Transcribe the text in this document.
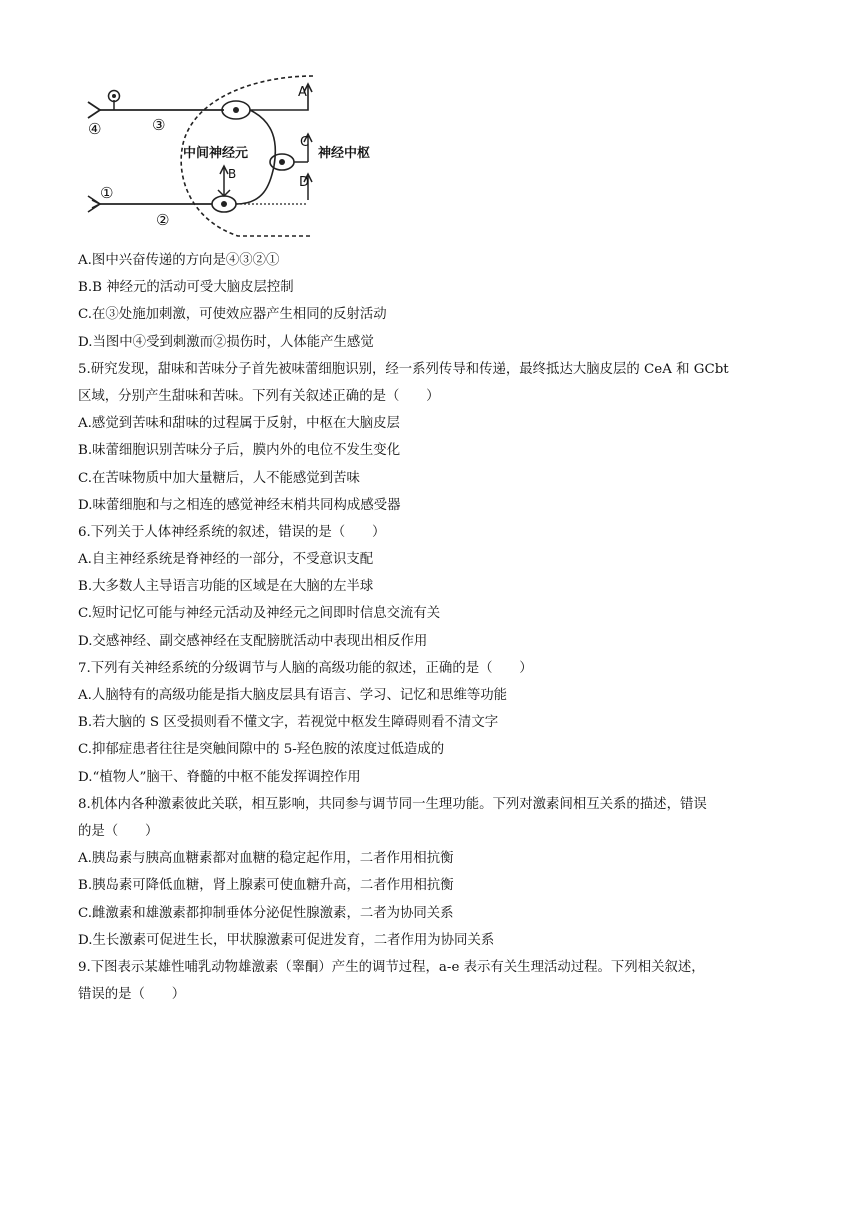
A
C
D
B
④	③
①
②
中间神经元	神经中枢
A.图中兴奋传递的方向是④③②①
B.B 神经元的活动可受大脑皮层控制
C.在③处施加刺激，可使效应器产生相同的反射活动
D.当图中④受到刺激而②损伤时，人体能产生感觉
5.研究发现，甜味和苦味分子首先被味蕾细胞识别，经一系列传导和传递，最终抵达大脑皮层的 CeA 和 GCbt
区域，分别产生甜味和苦味。下列有关叙述正确的是（　　）
A.感觉到苦味和甜味的过程属于反射，中枢在大脑皮层
B.味蕾细胞识别苦味分子后，膜内外的电位不发生变化
C.在苦味物质中加大量糖后，人不能感觉到苦味
D.味蕾细胞和与之相连的感觉神经末梢共同构成感受器
6.下列关于人体神经系统的叙述，错误的是（　　）
A.自主神经系统是脊神经的一部分，不受意识支配
B.大多数人主导语言功能的区域是在大脑的左半球
C.短时记忆可能与神经元活动及神经元之间即时信息交流有关
D.交感神经、副交感神经在支配膀胱活动中表现出相反作用
7.下列有关神经系统的分级调节与人脑的高级功能的叙述，正确的是（　　）
A.人脑特有的高级功能是指大脑皮层具有语言、学习、记忆和思维等功能
B.若大脑的 S 区受损则看不懂文字，若视觉中枢发生障碍则看不清文字
C.抑郁症患者往往是突触间隙中的 5-羟色胺的浓度过低造成的
D.“植物人”脑干、脊髓的中枢不能发挥调控作用
8.机体内各种激素彼此关联，相互影响，共同参与调节同一生理功能。下列对激素间相互关系的描述，错误
的是（　　）
A.胰岛素与胰高血糖素都对血糖的稳定起作用，二者作用相抗衡
B.胰岛素可降低血糖，肾上腺素可使血糖升高，二者作用相抗衡
C.雌激素和雄激素都抑制垂体分泌促性腺激素，二者为协同关系
D.生长激素可促进生长，甲状腺激素可促进发育，二者作用为协同关系
9.下图表示某雄性哺乳动物雄激素（睾酮）产生的调节过程，a-e 表示有关生理活动过程。下列相关叙述，
错误的是（　　）
